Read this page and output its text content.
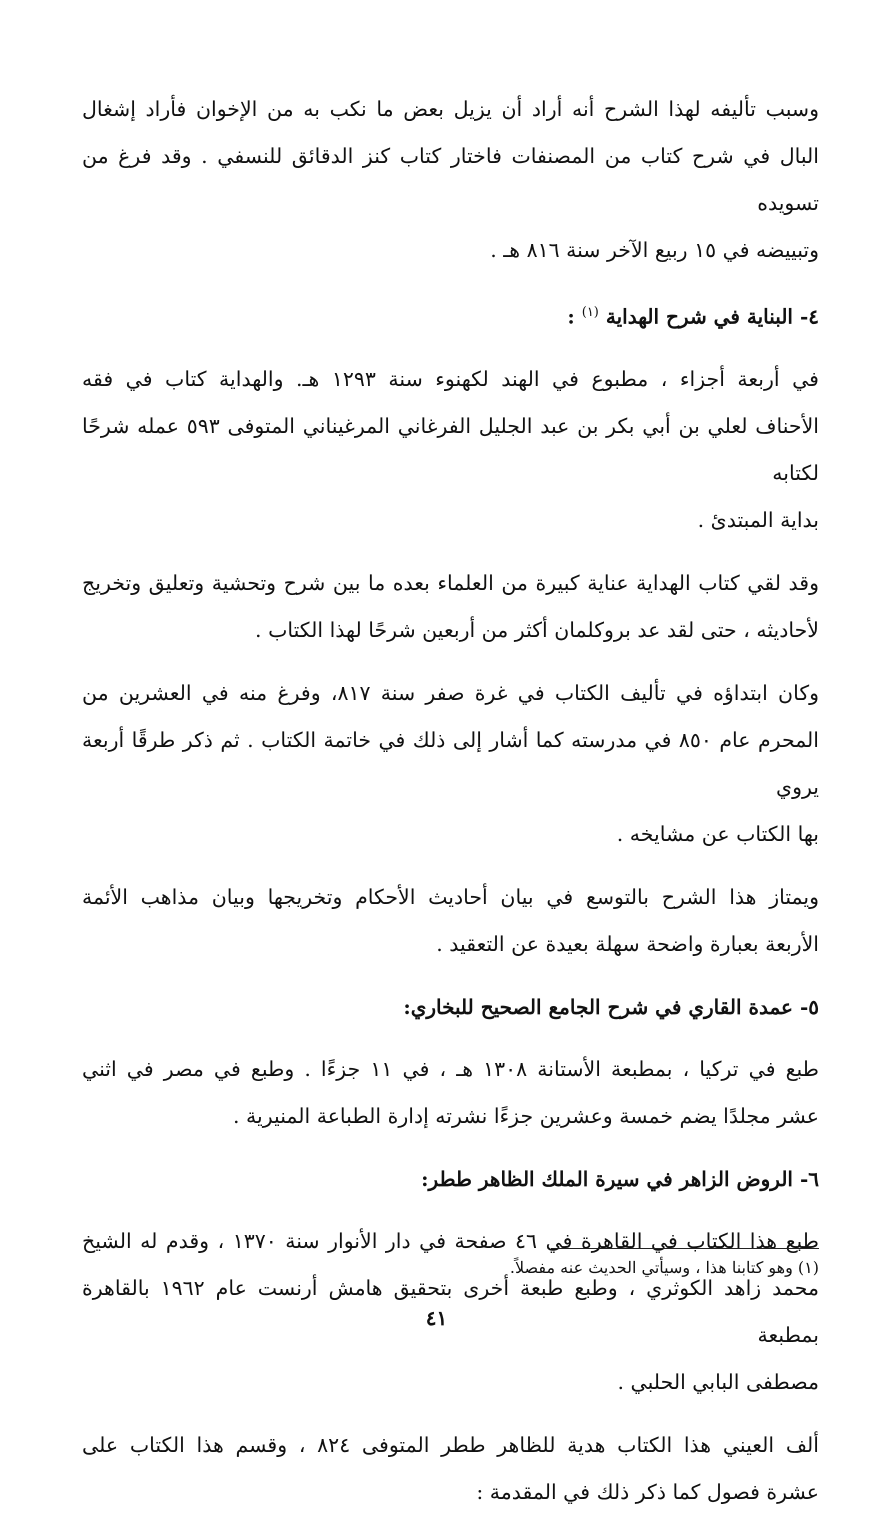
وسبب تأليفه لهذا الشرح أنه أراد أن يزيل بعض ما نكب به من الإخوان فأراد إشغال
البال في شرح كتاب من المصنفات فاختار كتاب كنز الدقائق للنسفي . وقد فرغ من تسويده
وتبييضه في ١٥ ربيع الآخر سنة ٨١٦ هـ .

٤- البناية في شرح الهداية $^{(١)}$ :

في أربعة أجزاء ، مطبوع في الهند لكهنوء سنة ١٢٩٣ هـ. والهداية كتاب في فقه
الأحناف لعلي بن أبي بكر بن عبد الجليل الفرغاني المرغيناني المتوفى ٥٩٣ عمله شرحًا لكتابه
بداية المبتدئ .

وقد لقي كتاب الهداية عناية كبيرة من العلماء بعده ما بين شرح وتحشية وتعليق وتخريج
لأحاديثه ، حتى لقد عد بروكلمان أكثر من أربعين شرحًا لهذا الكتاب .

وكان ابتداؤه في تأليف الكتاب في غرة صفر سنة ٨١٧، وفرغ منه في العشرين من
المحرم عام ٨٥٠ في مدرسته كما أشار إلى ذلك في خاتمة الكتاب . ثم ذكر طرقًا أربعة يروي
بها الكتاب عن مشايخه .

ويمتاز هذا الشرح بالتوسع في بيان أحاديث الأحكام وتخريجها وبيان مذاهب الأئمة
الأربعة بعبارة واضحة سهلة بعيدة عن التعقيد .

٥- عمدة القاري في شرح الجامع الصحيح للبخاري:

طبع في تركيا ، بمطبعة الأستانة ١٣٠٨ هـ ، في ١١ جزءًا . وطبع في مصر في اثني
عشر مجلدًا يضم خمسة وعشرين جزءًا نشرته إدارة الطباعة المنيرية .

٦- الروض الزاهر في سيرة الملك الظاهر ططر:

طبع هذا الكتاب في القاهرة في ٤٦ صفحة في دار الأنوار سنة ١٣٧٠ ، وقدم له الشيخ
محمد زاهد الكوثري ، وطبع طبعة أخرى بتحقيق هامش أرنست عام ١٩٦٢ بالقاهرة بمطبعة
مصطفى البابي الحلبي .

ألف العيني هذا الكتاب هدية للظاهر ططر المتوفى ٨٢٤ ، وقسم هذا الكتاب على
عشرة فصول كما ذكر ذلك في المقدمة :

(١) وهو كتابنا هذا ، وسيأتي الحديث عنه مفصلاً.
٤١
